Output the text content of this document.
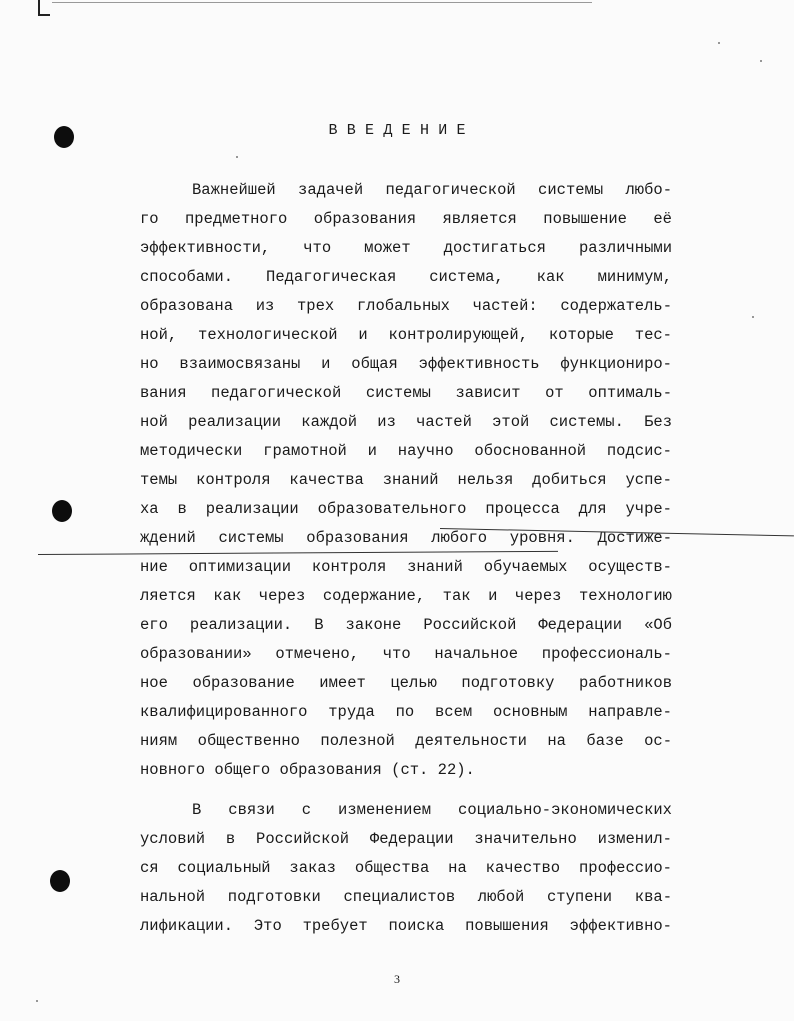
ВВЕДЕНИЕ
Важнейшей задачей педагогической системы любо-
го предметного образования является повышение её
эффективности, что может достигаться различными
способами. Педагогическая система, как минимум,
образована из трех глобальных частей: содержатель-
ной, технологической и контролирующей, которые тес-
но взаимосвязаны и общая эффективность функциониро-
вания педагогической системы зависит от оптималь-
ной реализации каждой из частей этой системы. Без
методически грамотной и научно обоснованной подсис-
темы контроля качества знаний нельзя добиться успе-
ха в реализации образовательного процесса для учре-
ждений системы образования любого уровня. Достиже-
ние оптимизации контроля знаний обучаемых осуществ-
ляется как через содержание, так и через технологию
его реализации. В законе Российской Федерации «Об
образовании» отмечено, что начальное профессиональ-
ное образование имеет целью подготовку работников
квалифицированного труда по всем основным направле-
ниям общественно полезной деятельности на базе ос-
новного общего образования (ст. 22).
В связи с изменением социально-экономических
условий в Российской Федерации значительно изменил-
ся социальный заказ общества на качество профессио-
нальной подготовки специалистов любой ступени ква-
лификации. Это требует поиска повышения эффективно-
3
